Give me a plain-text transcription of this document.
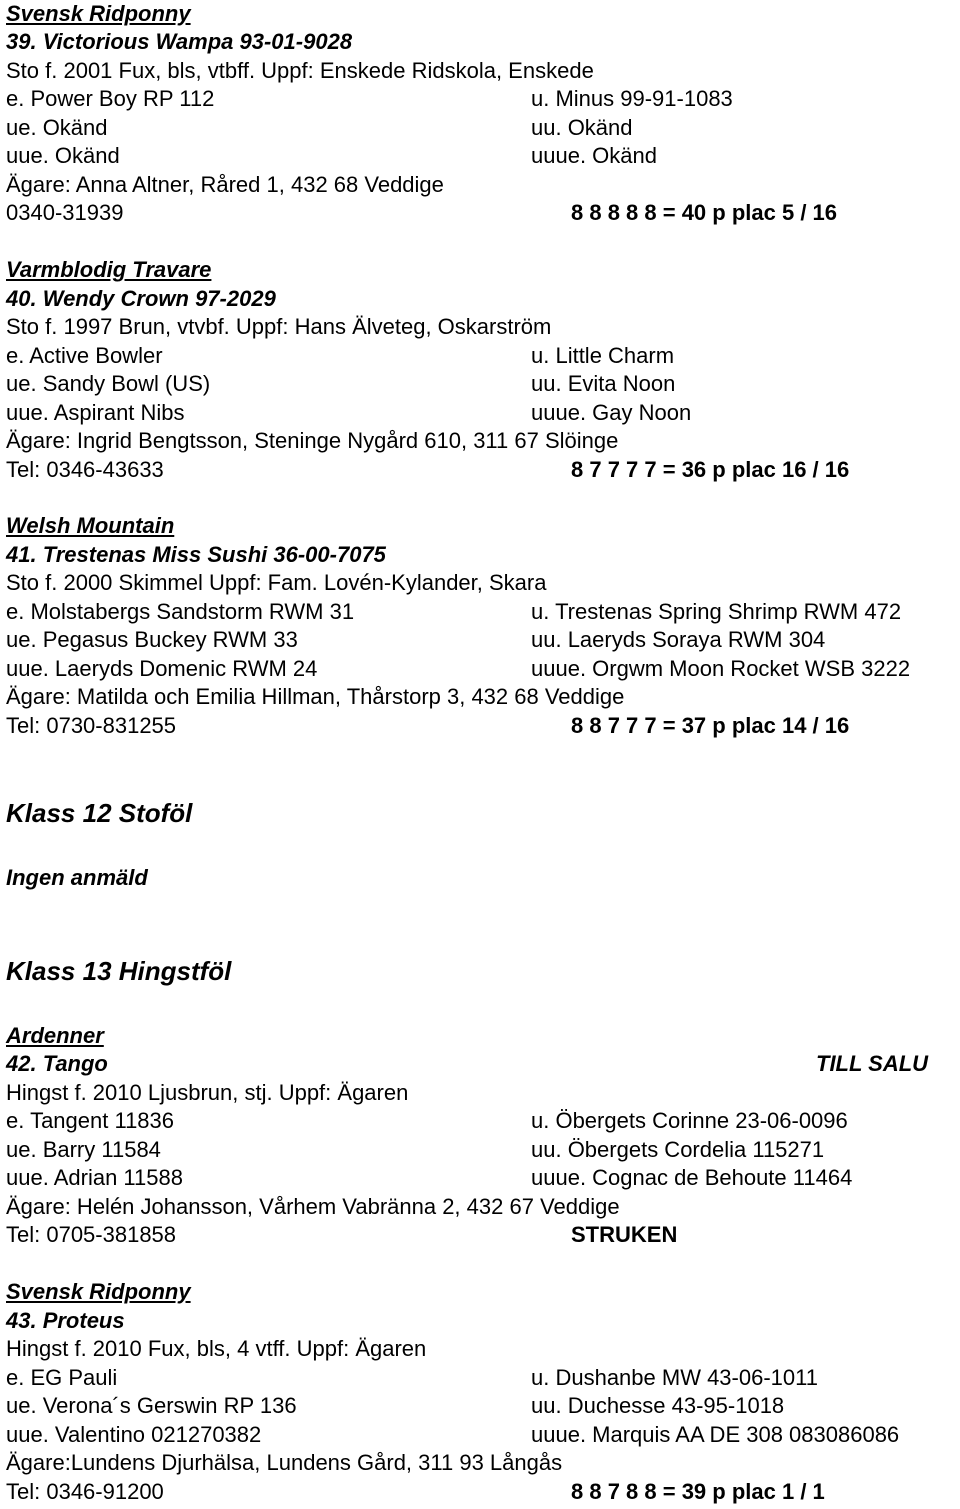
Svensk Ridponny
39. Victorious Wampa 93-01-9028
Sto f. 2001 Fux, bls, vtbff. Uppf: Enskede Ridskola, Enskede
e. Power Boy RP 112	u. Minus 99-91-1083
ue. Okänd	uu. Okänd
uue. Okänd	uuue. Okänd
Ägare: Anna Altner, Råred 1, 432 68 Veddige
0340-31939	8 8 8 8 8 = 40 p plac 5 / 16
Varmblodig Travare
40. Wendy Crown 97-2029
Sto f. 1997 Brun, vtvbf. Uppf: Hans Älveteg, Oskarström
e. Active Bowler	u. Little Charm
ue. Sandy Bowl (US)	uu. Evita Noon
uue. Aspirant Nibs	uuue. Gay Noon
Ägare: Ingrid Bengtsson, Steninge Nygård 610, 311 67 Slöinge
Tel: 0346-43633	8 7 7 7 7 = 36 p plac 16 / 16
Welsh Mountain
41. Trestenas Miss Sushi 36-00-7075
Sto f. 2000 Skimmel Uppf: Fam. Lovén-Kylander, Skara
e. Molstabergs Sandstorm RWM 31	u. Trestenas Spring Shrimp RWM 472
ue. Pegasus Buckey RWM 33	uu. Laeryds Soraya RWM 304
uue. Laeryds Domenic RWM 24	uuue. Orgwm Moon Rocket WSB 3222
Ägare: Matilda och Emilia Hillman, Thårstorp 3, 432 68 Veddige
Tel: 0730-831255	8 8 7 7 7 = 37 p plac 14 / 16
Klass 12 Stoföl
Ingen anmäld
Klass 13 Hingstföl
Ardenner
42. Tango	TILL SALU
Hingst f. 2010 Ljusbrun, stj. Uppf: Ägaren
e. Tangent 11836	u. Öbergets Corinne 23-06-0096
ue. Barry 11584	uu. Öbergets Cordelia 115271
uue. Adrian 11588	uuue. Cognac de Behoute 11464
Ägare: Helén Johansson, Vårhem Vabränna 2, 432 67 Veddige
Tel: 0705-381858	STRUKEN
Svensk Ridponny
43. Proteus
Hingst f. 2010 Fux, bls, 4 vtff. Uppf: Ägaren
e. EG Pauli	u. Dushanbe MW 43-06-1011
ue. Verona´s Gerswin RP 136	uu. Duchesse 43-95-1018
uue. Valentino 021270382	uuue. Marquis AA DE 308 083086086
Ägare:Lundens Djurhälsa, Lundens Gård, 311 93 Långås
Tel: 0346-91200	8 8 7 8 8 = 39 p plac 1 / 1
